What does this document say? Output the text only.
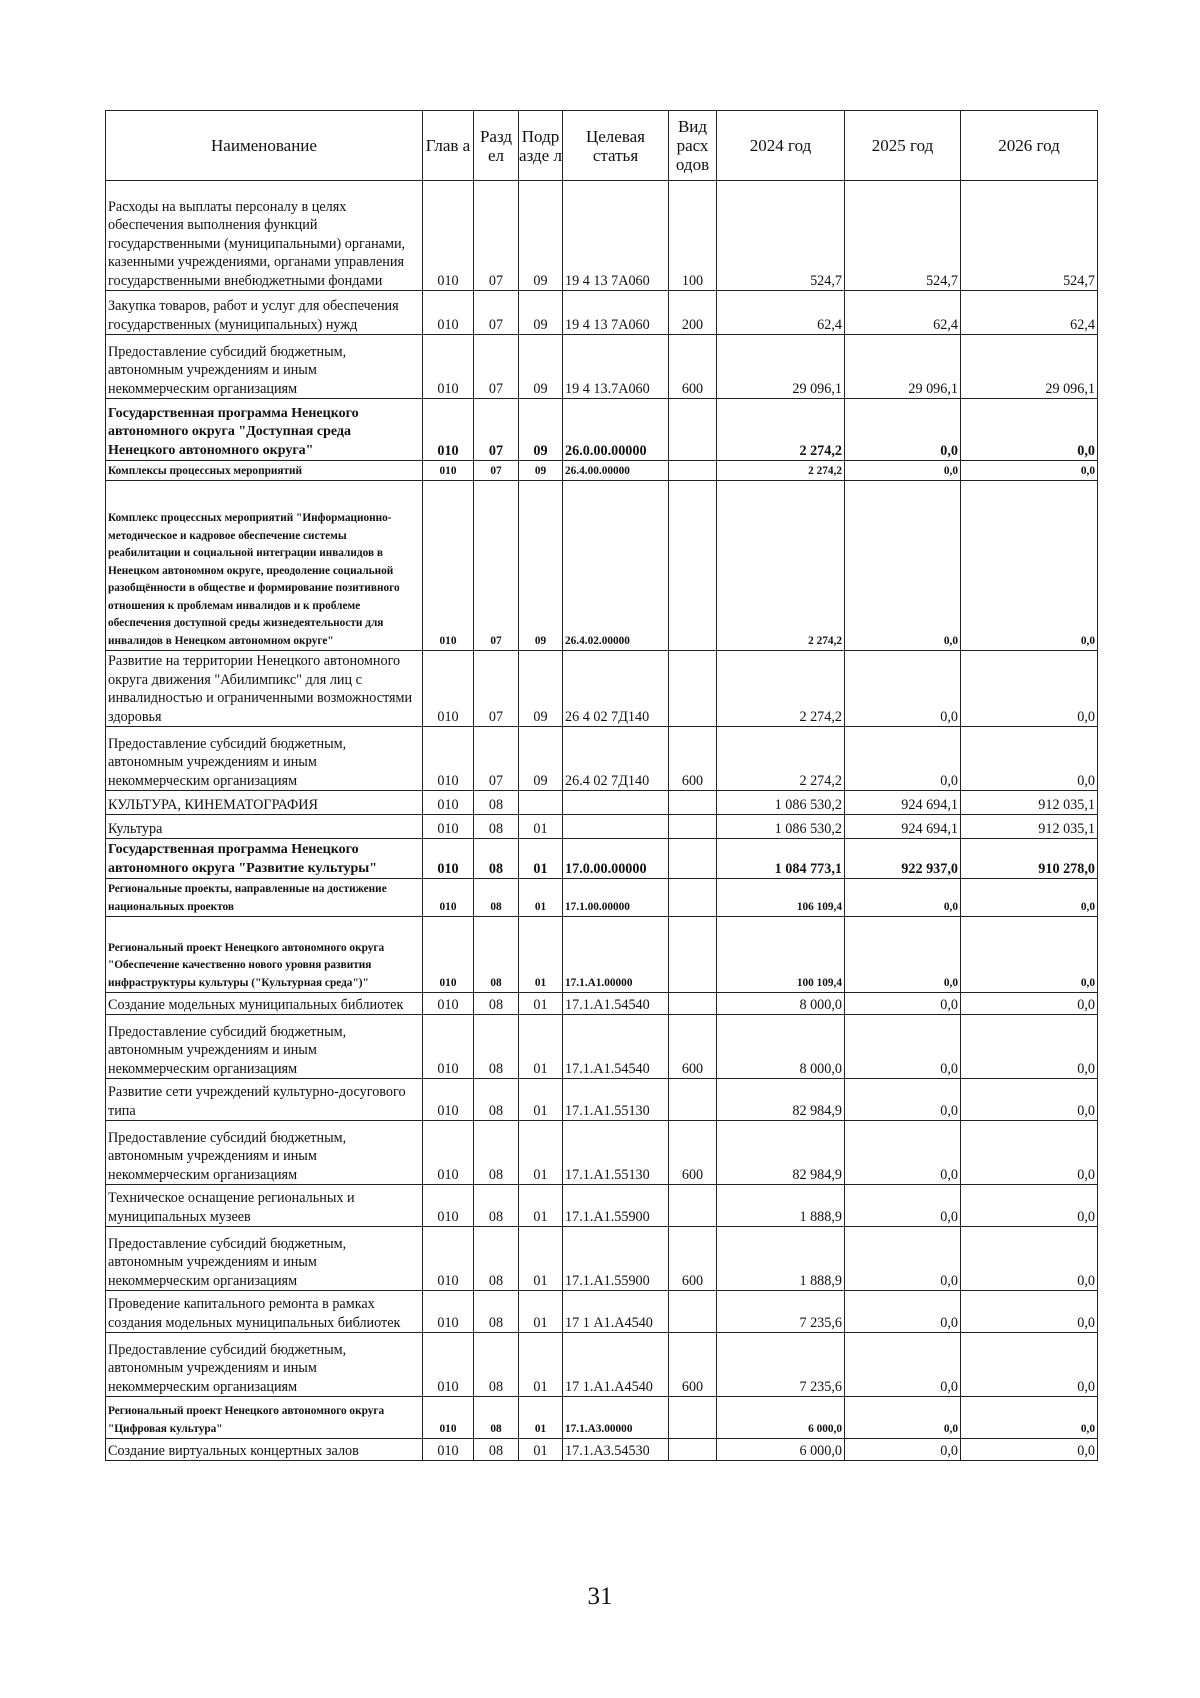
Наименование	Глав а	Разд ел	Подр азде л	Целевая статья	Вид расх одов	2024 год	2025 год	2026 год
Расходы на выплаты персоналу в целях обеспечения выполнения функций государственными (муниципальными) органами, казенными учреждениями, органами управления государственными внебюджетными фондами	010	07	09	19 4 13 7А060	100	524,7	524,7	524,7
Закупка товаров, работ и услуг для обеспечения государственных (муниципальных) нужд	010	07	09	19 4 13 7А060	200	62,4	62,4	62,4
Предоставление субсидий бюджетным, автономным учреждениям и иным некоммерческим организациям	010	07	09	19 4 13.7А060	600	29 096,1	29 096,1	29 096,1
Государственная программа Ненецкого автономного округа "Доступная среда Ненецкого автономного округа"	010	07	09	26.0.00.00000		2 274,2	0,0	0,0
Комплексы процессных мероприятий	010	07	09	26.4.00.00000		2 274,2	0,0	0,0
Комплекс процессных мероприятий "Информационно-методическое и кадровое обеспечение системы реабилитации и социальной интеграции инвалидов в Ненецком автономном округе, преодоление социальной разобщённости в обществе и формирование позитивного отношения к проблемам инвалидов и к проблеме обеспечения доступной среды жизнедеятельности для инвалидов в Ненецком автономном округе"	010	07	09	26.4.02.00000		2 274,2	0,0	0,0
Развитие на территории Ненецкого автономного округа движения "Абилимпикс" для лиц с инвалидностью и ограниченными возможностями здоровья	010	07	09	26 4 02 7Д140		2 274,2	0,0	0,0
Предоставление субсидий бюджетным, автономным учреждениям и иным некоммерческим организациям	010	07	09	26.4 02 7Д140	600	2 274,2	0,0	0,0
КУЛЬТУРА, КИНЕМАТОГРАФИЯ	010	08				1 086 530,2	924 694,1	912 035,1
Культура	010	08	01			1 086 530,2	924 694,1	912 035,1
Государственная программа Ненецкого автономного округа "Развитие культуры"	010	08	01	17.0.00.00000		1 084 773,1	922 937,0	910 278,0
Региональные проекты, направленные на достижение национальных проектов	010	08	01	17.1.00.00000		106 109,4	0,0	0,0
Региональный проект Ненецкого автономного округа "Обеспечение качественно нового уровня развития инфраструктуры культуры ("Культурная среда")"	010	08	01	17.1.А1.00000		100 109,4	0,0	0,0
Создание модельных муниципальных библиотек	010	08	01	17.1.А1.54540		8 000,0	0,0	0,0
Предоставление субсидий бюджетным, автономным учреждениям и иным некоммерческим организациям	010	08	01	17.1.А1.54540	600	8 000,0	0,0	0,0
Развитие сети учреждений культурно-досугового типа	010	08	01	17.1.А1.55130		82 984,9	0,0	0,0
Предоставление субсидий бюджетным, автономным учреждениям и иным некоммерческим организациям	010	08	01	17.1.А1.55130	600	82 984,9	0,0	0,0
Техническое оснащение региональных и муниципальных музеев	010	08	01	17.1.А1.55900		1 888,9	0,0	0,0
Предоставление субсидий бюджетным, автономным учреждениям и иным некоммерческим организациям	010	08	01	17.1.А1.55900	600	1 888,9	0,0	0,0
Проведение капитального ремонта в рамках создания модельных муниципальных библиотек	010	08	01	17 1 А1.А4540		7 235,6	0,0	0,0
Предоставление субсидий бюджетным, автономным учреждениям и иным некоммерческим организациям	010	08	01	17 1.А1.А4540	600	7 235,6	0,0	0,0
Региональный проект Ненецкого автономного округа "Цифровая культура"	010	08	01	17.1.А3.00000		6 000,0	0,0	0,0
Создание виртуальных концертных залов	010	08	01	17.1.А3.54530		6 000,0	0,0	0,0
31
